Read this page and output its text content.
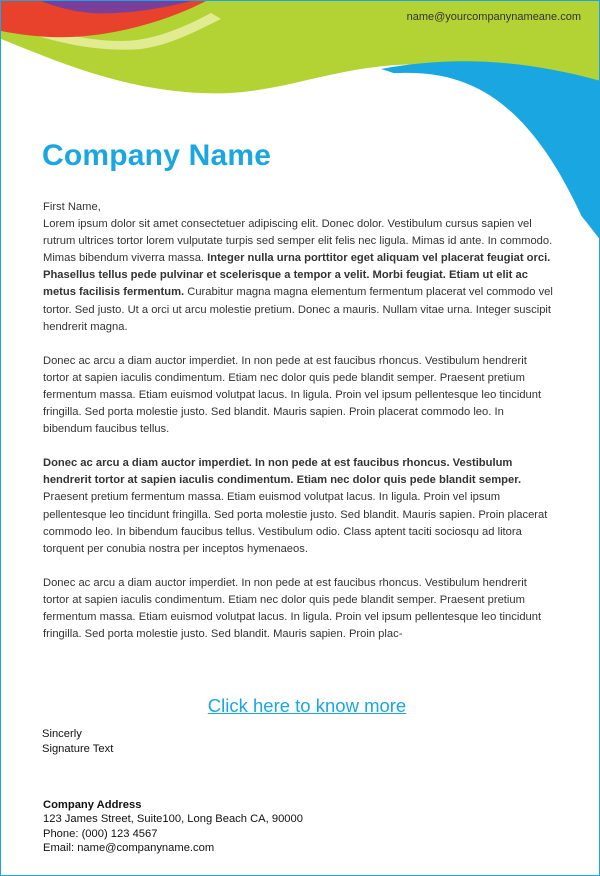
name@yourcompanynameane.com
Company Name
First Name,

Lorem ipsum dolor sit amet consectetuer adipiscing elit. Donec dolor. Vestibulum cursus sapien vel rutrum ultrices tortor lorem vulputate turpis sed semper elit felis nec ligula. Mimas id ante. In commodo. Mimas bibendum viverra massa. Integer nulla urna porttitor eget aliquam vel placerat feugiat orci. Phasellus tellus pede pulvinar et scelerisque a tempor a velit. Morbi feugiat. Etiam ut elit ac metus facilisis fermentum. Curabitur magna magna elementum fermentum placerat vel commodo vel tortor. Sed justo. Ut a orci ut arcu molestie pretium. Donec a mauris. Nullam vitae urna. Integer suscipit hendrerit magna.

Donec ac arcu a diam auctor imperdiet. In non pede at est faucibus rhoncus. Vestibulum hendrerit tortor at sapien iaculis condimentum. Etiam nec dolor quis pede blandit semper. Praesent pretium fermentum massa. Etiam euismod volutpat lacus. In ligula. Proin vel ipsum pellentesque leo tincidunt fringilla. Sed porta molestie justo. Sed blandit. Mauris sapien. Proin placerat commodo leo. In bibendum faucibus tellus.

Donec ac arcu a diam auctor imperdiet. In non pede at est faucibus rhoncus. Vestibulum hendrerit tortor at sapien iaculis condimentum. Etiam nec dolor quis pede blandit semper. Praesent pretium fermentum massa. Etiam euismod volutpat lacus. In ligula. Proin vel ipsum pellentesque leo tincidunt fringilla. Sed porta molestie justo. Sed blandit. Mauris sapien. Proin placerat commodo leo. In bibendum faucibus tellus. Vestibulum odio. Class aptent taciti sociosqu ad litora torquent per conubia nostra per inceptos hymenaeos.

Donec ac arcu a diam auctor imperdiet. In non pede at est faucibus rhoncus. Vestibulum hendrerit tortor at sapien iaculis condimentum. Etiam nec dolor quis pede blandit semper. Praesent pretium fermentum massa. Etiam euismod volutpat lacus. In ligula. Proin vel ipsum pellentesque leo tincidunt fringilla. Sed porta molestie justo. Sed blandit. Mauris sapien. Proin plac-

Click here to know more
Sincerly
Signature Text
Company Address
123 James Street, Suite100, Long Beach CA, 90000
Phone: (000) 123 4567
Email: name@companyname.com
